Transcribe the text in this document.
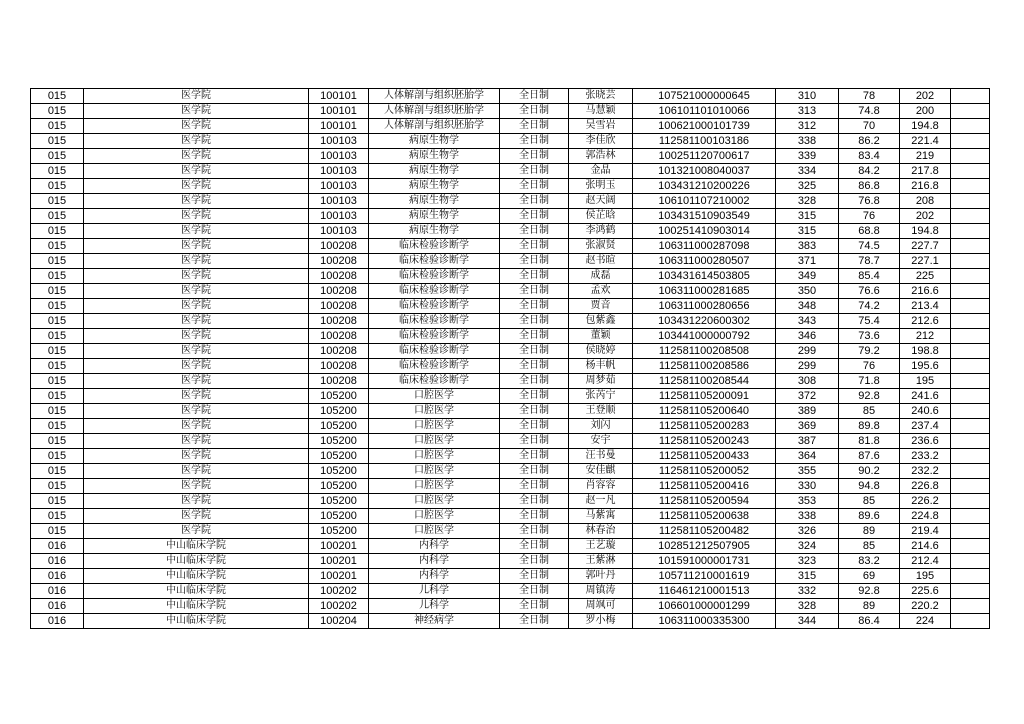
015	医学院	100101	人体解剖与组织胚胎学	全日制	张晓芸	107521000000645	310	78	202	
015	医学院	100101	人体解剖与组织胚胎学	全日制	马慧颖	106101101010066	313	74.8	200	
015	医学院	100101	人体解剖与组织胚胎学	全日制	吴雪岩	100621000101739	312	70	194.8	
015	医学院	100103	病原生物学	全日制	李佳欣	112581100103186	338	86.2	221.4	
015	医学院	100103	病原生物学	全日制	郭浩林	100251120700617	339	83.4	219	
015	医学院	100103	病原生物学	全日制	金晶	101321008040037	334	84.2	217.8	
015	医学院	100103	病原生物学	全日制	张明玉	103431210200226	325	86.8	216.8	
015	医学院	100103	病原生物学	全日制	赵天阔	106101107210002	328	76.8	208	
015	医学院	100103	病原生物学	全日制	侯芷晗	103431510903549	315	76	202	
015	医学院	100103	病原生物学	全日制	李鸿鹤	100251410903014	315	68.8	194.8	
015	医学院	100208	临床检验诊断学	全日制	张淑贤	106311000287098	383	74.5	227.7	
015	医学院	100208	临床检验诊断学	全日制	赵书暄	106311000280507	371	78.7	227.1	
015	医学院	100208	临床检验诊断学	全日制	成磊	103431614503805	349	85.4	225	
015	医学院	100208	临床检验诊断学	全日制	孟欢	106311000281685	350	76.6	216.6	
015	医学院	100208	临床检验诊断学	全日制	贾音	106311000280656	348	74.2	213.4	
015	医学院	100208	临床检验诊断学	全日制	包紫鑫	103431220600302	343	75.4	212.6	
015	医学院	100208	临床检验诊断学	全日制	董颖	103441000000792	346	73.6	212	
015	医学院	100208	临床检验诊断学	全日制	侯晓婷	112581100208508	299	79.2	198.8	
015	医学院	100208	临床检验诊断学	全日制	杨丰帆	112581100208586	299	76	195.6	
015	医学院	100208	临床检验诊断学	全日制	周梦茹	112581100208544	308	71.8	195	
015	医学院	105200	口腔医学	全日制	张芮宁	112581105200091	372	92.8	241.6	
015	医学院	105200	口腔医学	全日制	王登顺	112581105200640	389	85	240.6	
015	医学院	105200	口腔医学	全日制	刘闪	112581105200283	369	89.8	237.4	
015	医学院	105200	口腔医学	全日制	安宇	112581105200243	387	81.8	236.6	
015	医学院	105200	口腔医学	全日制	汪书曼	112581105200433	364	87.6	233.2	
015	医学院	105200	口腔医学	全日制	安佳麒	112581105200052	355	90.2	232.2	
015	医学院	105200	口腔医学	全日制	肖容容	112581105200416	330	94.8	226.8	
015	医学院	105200	口腔医学	全日制	赵一凡	112581105200594	353	85	226.2	
015	医学院	105200	口腔医学	全日制	马紫寓	112581105200638	338	89.6	224.8	
015	医学院	105200	口腔医学	全日制	林春治	112581105200482	326	89	219.4	
016	中山临床学院	100201	内科学	全日制	王艺璇	102851212507905	324	85	214.6	
016	中山临床学院	100201	内科学	全日制	王紫淋	101591000001731	323	83.2	212.4	
016	中山临床学院	100201	内科学	全日制	郭叶丹	105711210001619	315	69	195	
016	中山临床学院	100202	儿科学	全日制	周镇涛	116461210001513	332	92.8	225.6	
016	中山临床学院	100202	儿科学	全日制	周飒可	106601000001299	328	89	220.2	
016	中山临床学院	100204	神经病学	全日制	罗小梅	106311000335300	344	86.4	224	
